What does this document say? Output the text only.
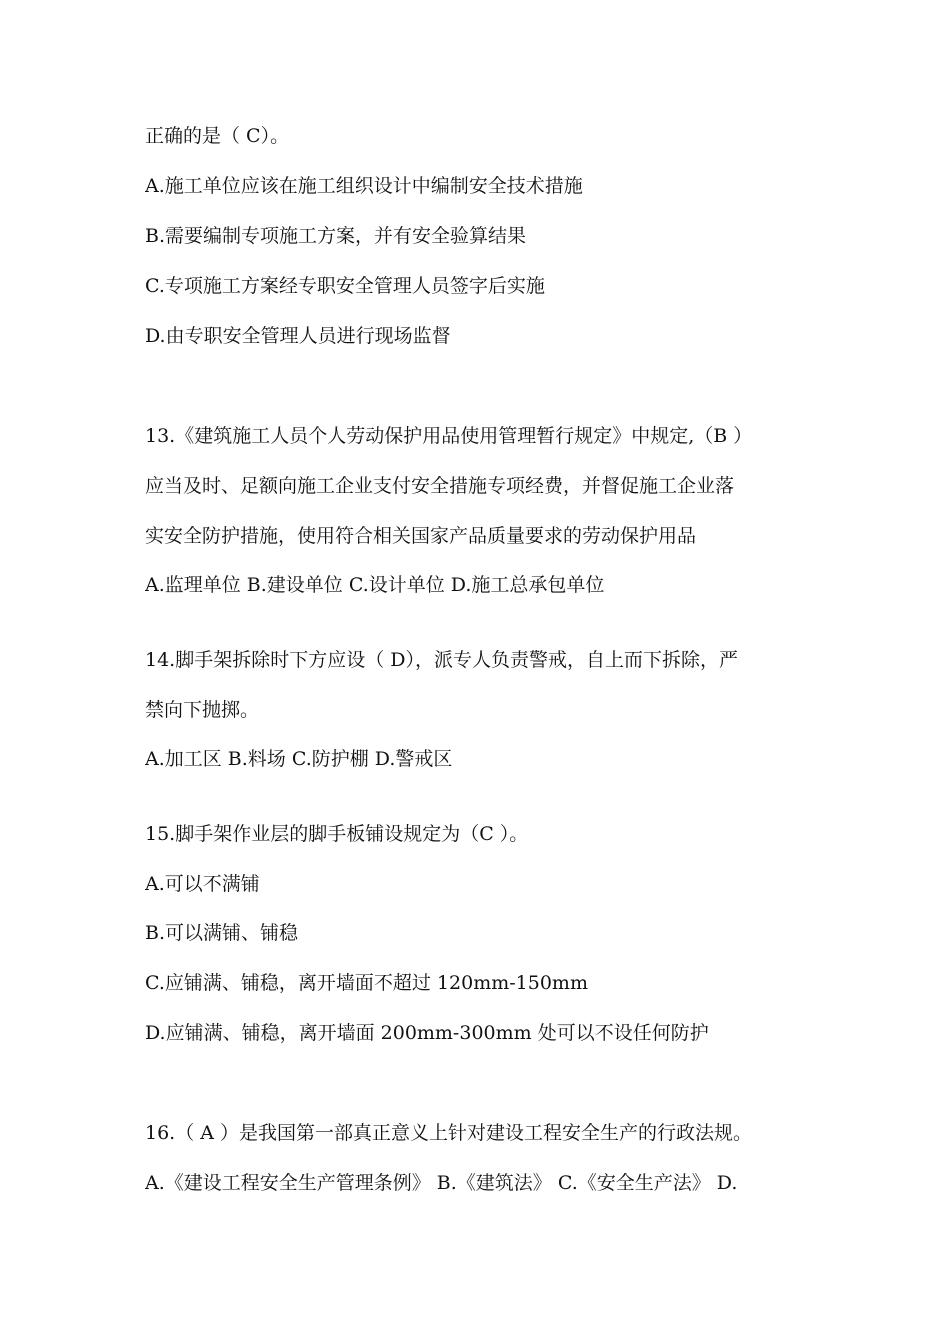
正确的是（ C）。
A.施工单位应该在施工组织设计中编制安全技术措施
B.需要编制专项施工方案，并有安全验算结果
C.专项施工方案经专职安全管理人员签字后实施
D.由专职安全管理人员进行现场监督
13.《建筑施工人员个人劳动保护用品使用管理暂行规定》中规定,（B ）
应当及时、足额向施工企业支付安全措施专项经费，并督促施工企业落
实安全防护措施，使用符合相关国家产品质量要求的劳动保护用品
A.监理单位 B.建设单位 C.设计单位 D.施工总承包单位
14.脚手架拆除时下方应设（ D），派专人负责警戒，自上而下拆除，严
禁向下抛掷。
A.加工区 B.料场 C.防护棚 D.警戒区
15.脚手架作业层的脚手板铺设规定为（C ）。
A.可以不满铺
B.可以满铺、铺稳
C.应铺满、铺稳，离开墙面不超过 120mm-150mm
D.应铺满、铺稳，离开墙面 200mm-300mm 处可以不设任何防护
16.（ A ）是我国第一部真正意义上针对建设工程安全生产的行政法规。
A.《建设工程安全生产管理条例》 B.《建筑法》 C.《安全生产法》 D.
